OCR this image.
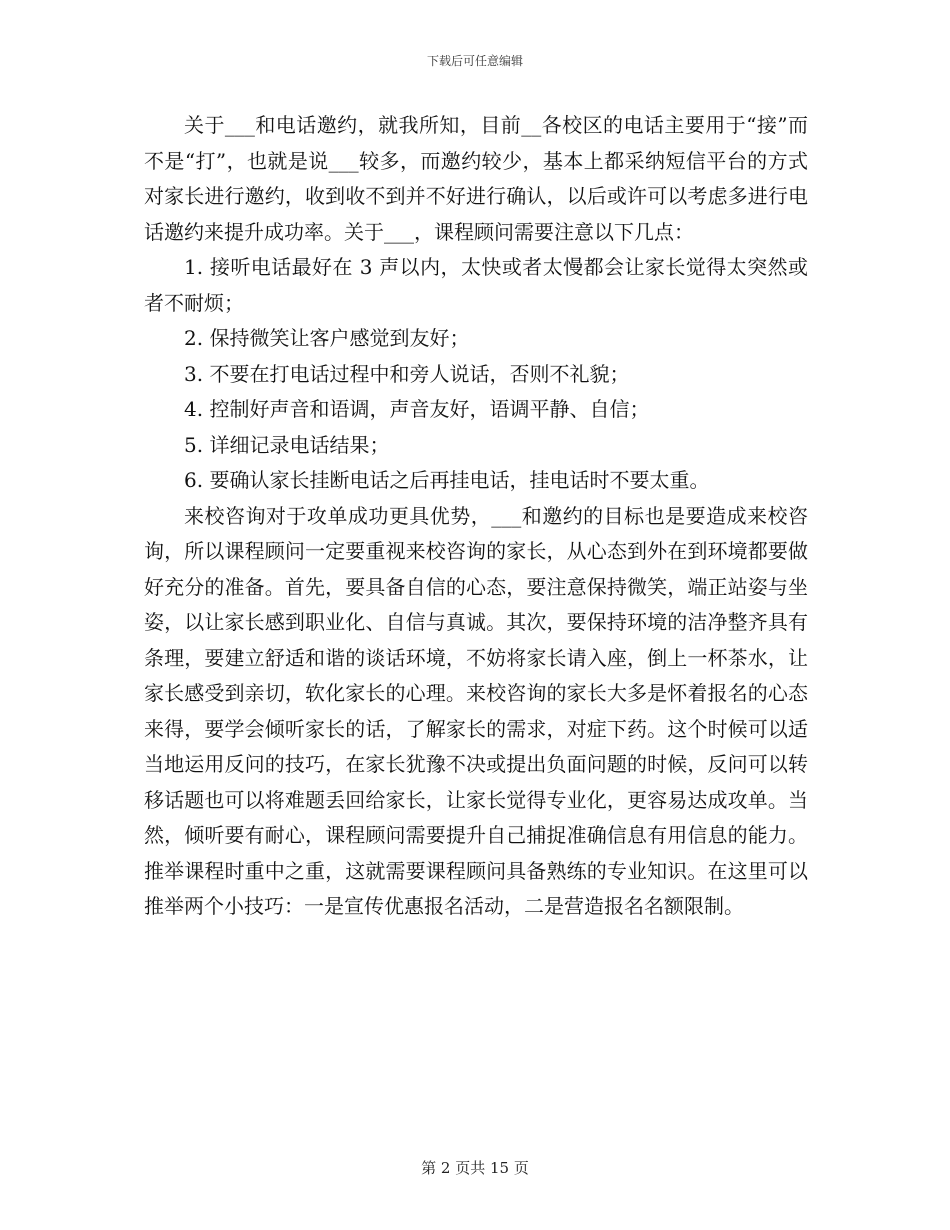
下载后可任意编辑

关于___和电话邀约，就我所知，目前__各校区的电话主要用于“接”而不是“打”，也就是说___较多，而邀约较少，基本上都采纳短信平台的方式对家长进行邀约，收到收不到并不好进行确认，以后或许可以考虑多进行电话邀约来提升成功率。关于___，课程顾问需要注意以下几点：

1. 接听电话最好在 3 声以内，太快或者太慢都会让家长觉得太突然或者不耐烦；

2. 保持微笑让客户感觉到友好；

3. 不要在打电话过程中和旁人说话，否则不礼貌；

4. 控制好声音和语调，声音友好，语调平静、自信；

5. 详细记录电话结果；

6. 要确认家长挂断电话之后再挂电话，挂电话时不要太重。

来校咨询对于攻单成功更具优势，___和邀约的目标也是要造成来校咨询，所以课程顾问一定要重视来校咨询的家长，从心态到外在到环境都要做好充分的准备。首先，要具备自信的心态，要注意保持微笑，端正站姿与坐姿，以让家长感到职业化、自信与真诚。其次，要保持环境的洁净整齐具有条理，要建立舒适和谐的谈话环境，不妨将家长请入座，倒上一杯茶水，让家长感受到亲切，软化家长的心理。来校咨询的家长大多是怀着报名的心态来得，要学会倾听家长的话，了解家长的需求，对症下药。这个时候可以适当地运用反问的技巧，在家长犹豫不决或提出负面问题的时候，反问可以转移话题也可以将难题丢回给家长，让家长觉得专业化，更容易达成攻单。当然，倾听要有耐心，课程顾问需要提升自己捕捉准确信息有用信息的能力。推举课程时重中之重，这就需要课程顾问具备熟练的专业知识。在这里可以推举两个小技巧：一是宣传优惠报名活动，二是营造报名名额限制。

第 2 页共 15 页
